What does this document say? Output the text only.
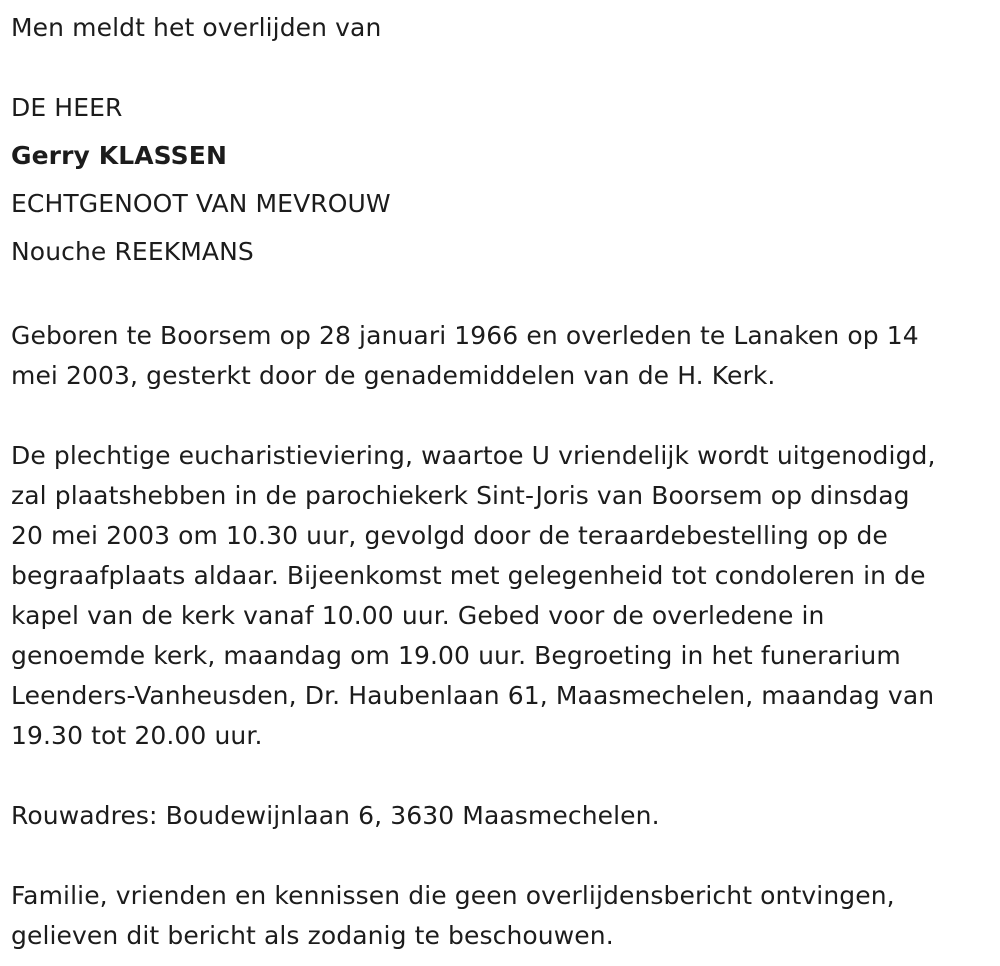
Men meldt het overlijden van
DE HEER
Gerry KLASSEN
ECHTGENOOT VAN MEVROUW
Nouche REEKMANS

Geboren te Boorsem op 28 januari 1966 en overleden te Lanaken op 14
mei 2003, gesterkt door de genademiddelen van de H. Kerk.

De plechtige eucharistieviering, waartoe U vriendelijk wordt uitgenodigd,
zal plaatshebben in de parochiekerk Sint-Joris van Boorsem op dinsdag
20 mei 2003 om 10.30 uur, gevolgd door de teraardebestelling op de
begraafplaats aldaar. Bijeenkomst met gelegenheid tot condoleren in de
kapel van de kerk vanaf 10.00 uur. Gebed voor de overledene in
genoemde kerk, maandag om 19.00 uur. Begroeting in het funerarium
Leenders-Vanheusden, Dr. Haubenlaan 61, Maasmechelen, maandag van
19.30 tot 20.00 uur.

Rouwadres: Boudewijnlaan 6, 3630 Maasmechelen.

Familie, vrienden en kennissen die geen overlijdensbericht ontvingen,
gelieven dit bericht als zodanig te beschouwen.
